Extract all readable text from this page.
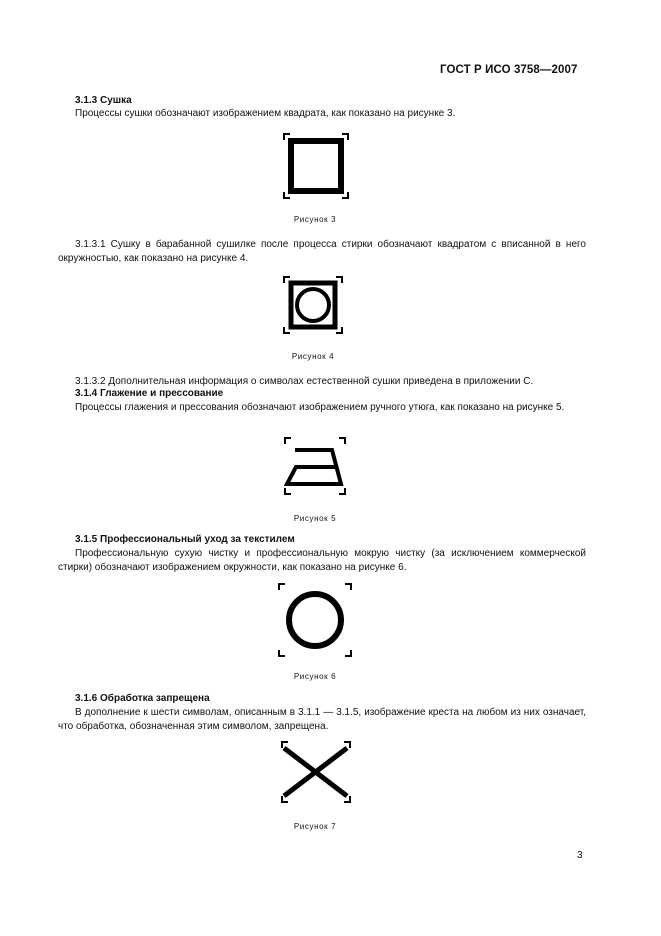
ГОСТ Р ИСО 3758—2007
3.1.3 Сушка
Процессы сушки обозначают изображением квадрата, как показано на рисунке 3.
Рисунок 3
3.1.3.1 Сушку в барабанной сушилке после процесса стирки обозначают квадратом с вписанной в него окружностью, как показано на рисунке 4.
Рисунок 4
3.1.3.2 Дополнительная информация о символах естественной сушки приведена в приложении С.
3.1.4 Глажение и прессование
Процессы глажения и прессования обозначают изображением ручного утюга, как показано на рисунке 5.
Рисунок 5
3.1.5 Профессиональный уход за текстилем
Профессиональную сухую чистку и профессиональную мокрую чистку (за исключением коммерческой стирки) обозначают изображением окружности, как показано на рисунке 6.
Рисунок 6
3.1.6 Обработка запрещена
В дополнение к шести символам, описанным в 3.1.1 — 3.1.5, изображение креста на любом из них означает, что обработка, обозначенная этим символом, запрещена.
Рисунок 7
3
